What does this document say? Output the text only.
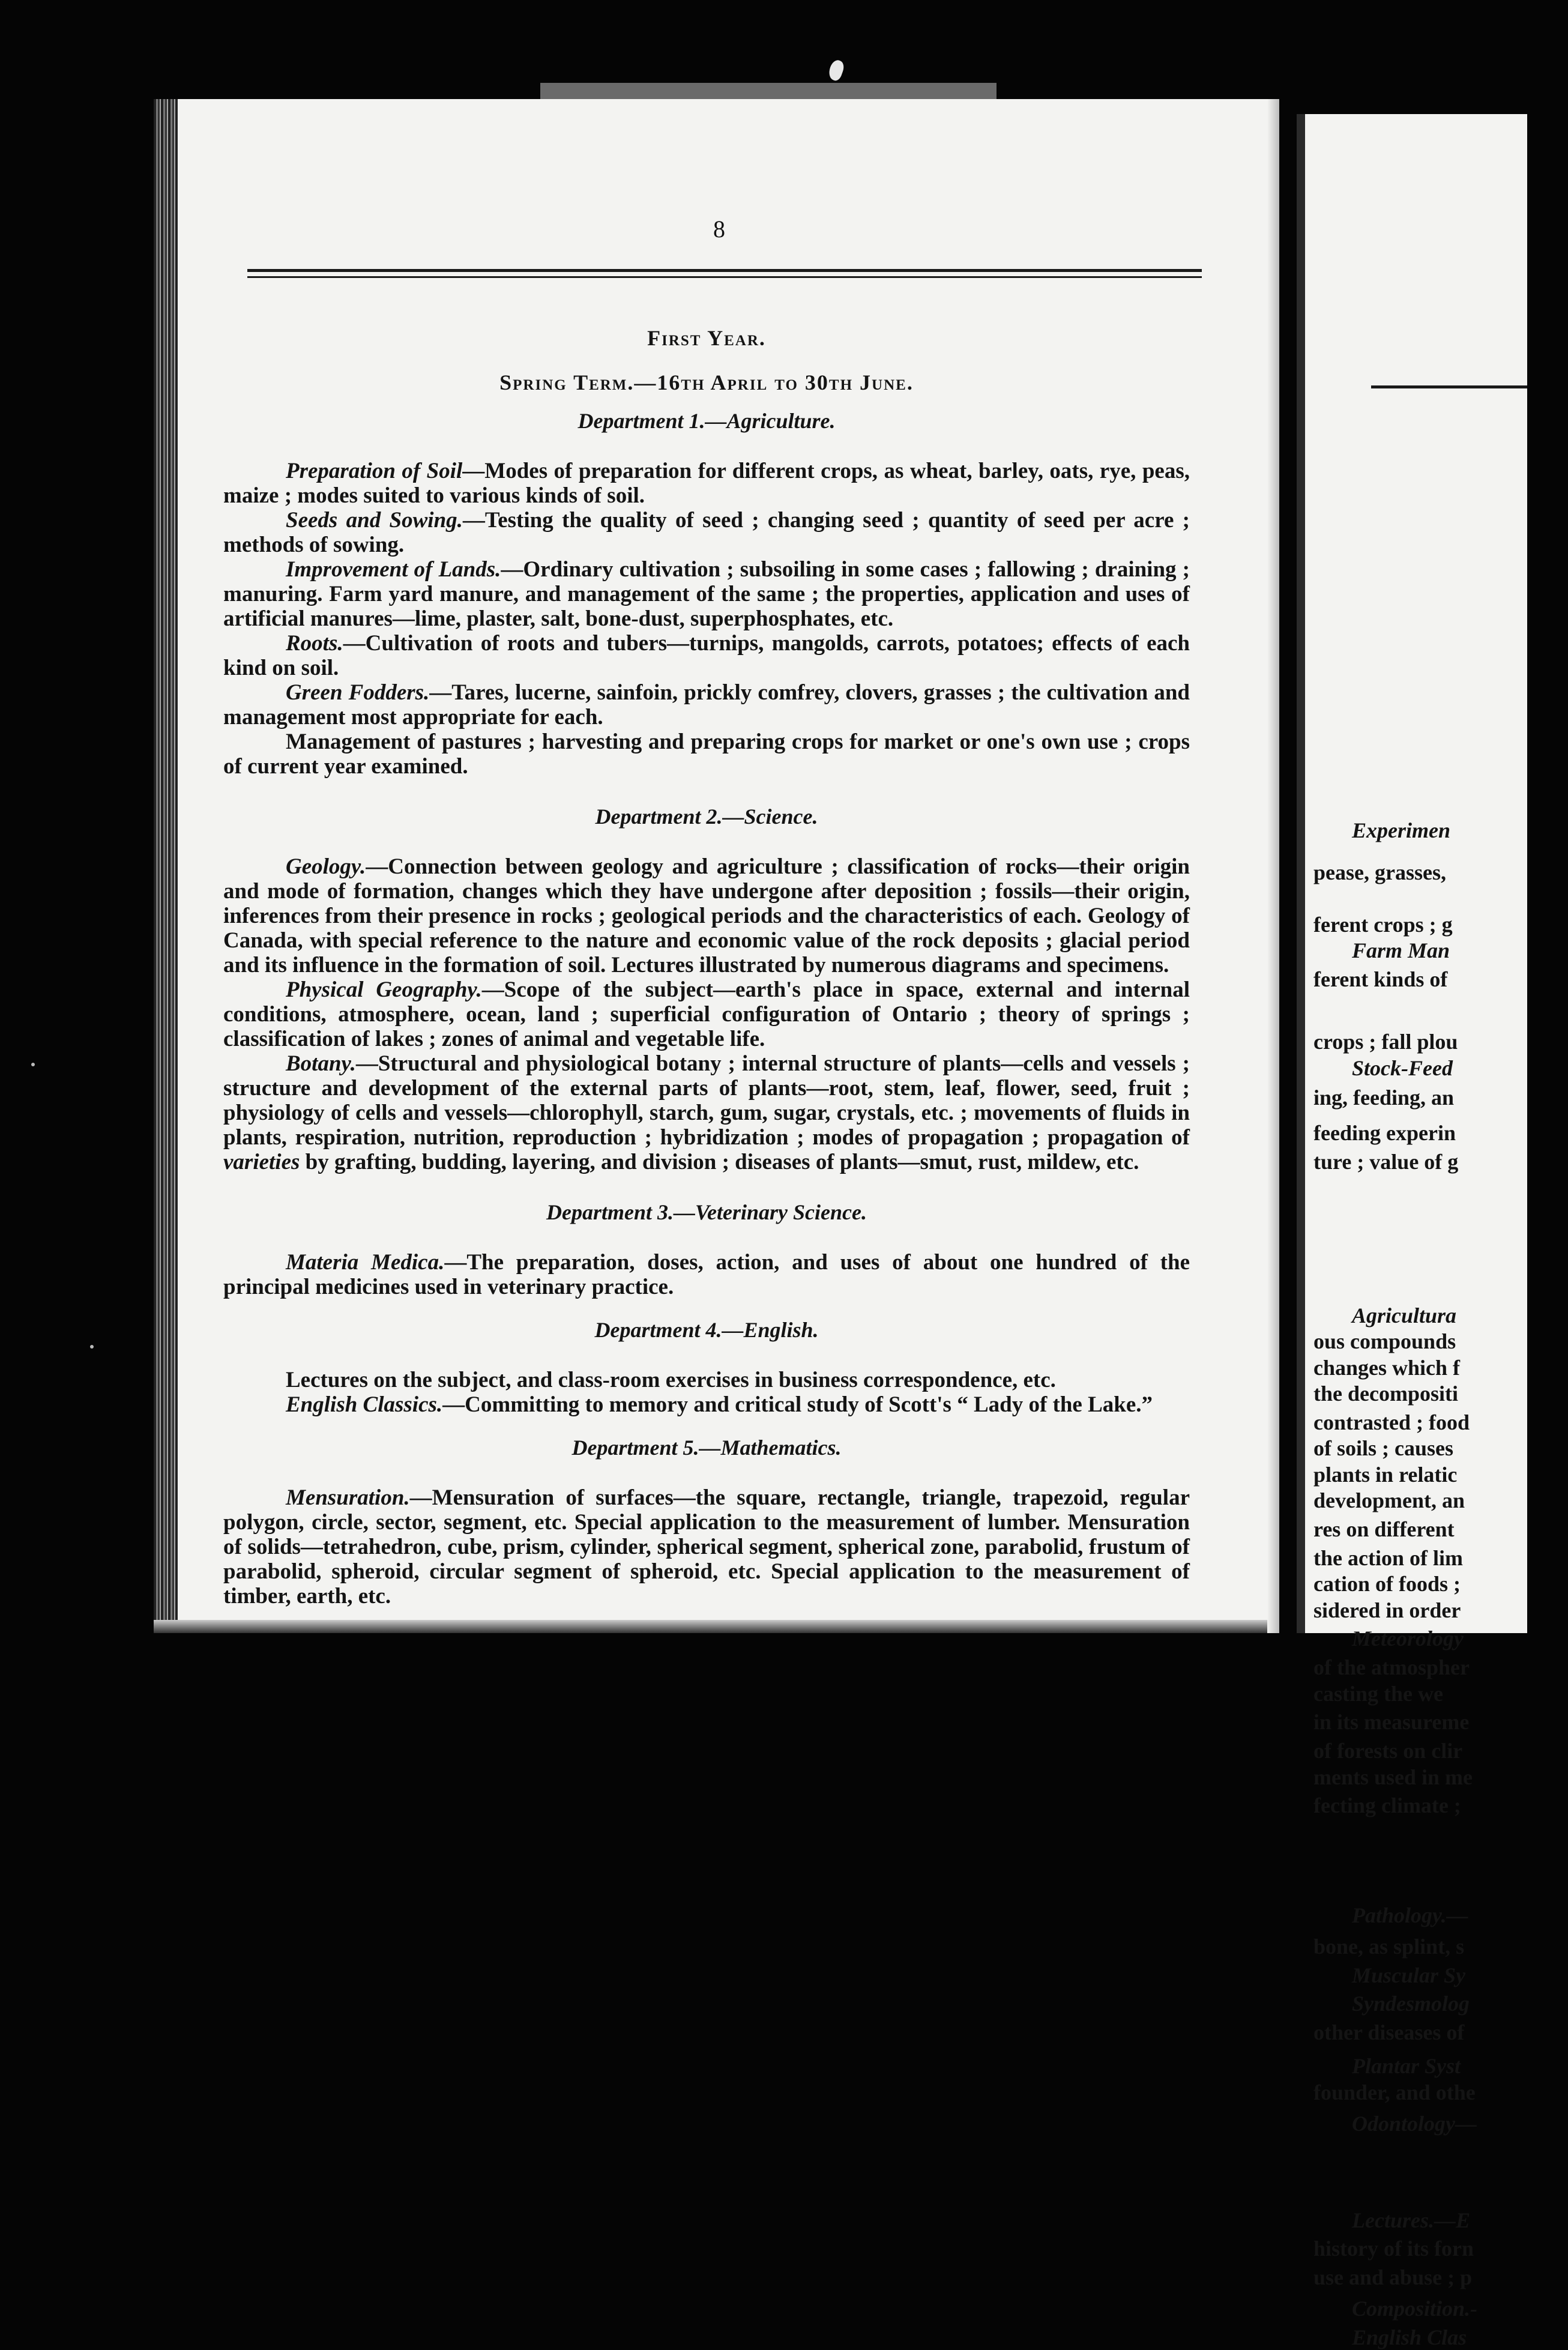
8
First Year.
Spring Term.—16th April to 30th June.
Department 1.—Agriculture.

Preparation of Soil—Modes of preparation for different crops, as wheat, barley, oats, rye, peas, maize ; modes suited to various kinds of soil.

Seeds and Sowing.—Testing the quality of seed ; changing seed ; quantity of seed per acre ; methods of sowing.

Improvement of Lands.—Ordinary cultivation ; subsoiling in some cases ; fallowing ; draining ; manuring. Farm yard manure, and management of the same ; the properties, application and uses of artificial manures—lime, plaster, salt, bone-dust, superphosphates, etc.

Roots.—Cultivation of roots and tubers—turnips, mangolds, carrots, potatoes; effects of each kind on soil.

Green Fodders.—Tares, lucerne, sainfoin, prickly comfrey, clovers, grasses ; the cultivation and management most appropriate for each.

Management of pastures ; harvesting and preparing crops for market or one's own use ; crops of current year examined.

Department 2.—Science.

Geology.—Connection between geology and agriculture ; classification of rocks—their origin and mode of formation, changes which they have undergone after deposition ; fossils—their origin, inferences from their presence in rocks ; geological periods and the characteristics of each. Geology of Canada, with special reference to the nature and economic value of the rock deposits ; glacial period and its influence in the formation of soil. Lectures illustrated by numerous diagrams and specimens.

Physical Geography.—Scope of the subject—earth's place in space, external and internal conditions, atmosphere, ocean, land ; superficial configuration of Ontario ; theory of springs ; classification of lakes ; zones of animal and vegetable life.

Botany.—Structural and physiological botany ; internal structure of plants—cells and vessels ; structure and development of the external parts of plants—root, stem, leaf, flower, seed, fruit ; physiology of cells and vessels—chlorophyll, starch, gum, sugar, crystals, etc. ; movements of fluids in plants, respiration, nutrition, reproduction ; hybridization ; modes of propagation ; propagation of varieties by grafting, budding, layering, and division ; diseases of plants—smut, rust, mildew, etc.

Department 3.—Veterinary Science.

Materia Medica.—The preparation, doses, action, and uses of about one hundred of the principal medicines used in veterinary practice.

Department 4.—English.

Lectures on the subject, and class-room exercises in business correspondence, etc.

English Classics.—Committing to memory and critical study of Scott's “ Lady of the Lake.”

Department 5.—Mathematics.

Mensuration.—Mensuration of surfaces—the square, rectangle, triangle, trapezoid, regular polygon, circle, sector, segment, etc. Special application to the measurement of lumber. Mensuration of solids—tetrahedron, cube, prism, cylinder, spherical segment, spherical zone, parabolid, frustum of parabolid, spheroid, circular segment of spheroid, etc. Special application to the measurement of timber, earth, etc.

Experimen
pease, grasses,
ferent crops ; g
Farm Man
ferent kinds of
crops ; fall plou
Stock-Feed
ing, feeding, an
feeding experin
ture ; value of g
Agricultura
ous compounds
changes which f
the decompositi
contrasted ; food
of soils ; causes
plants in relatic
development, an
res on different
the action of lim
cation of foods ;
sidered in order
Meteorology
of the atmospher
casting the we
in its measureme
of forests on clir
ments used in me
fecting climate ;
Pathology.—
bone, as splint, s
Muscular Sy
Syndesmolog
other diseases of
Plantar Syst
founder, and othe
Odontology—
Lectures.—E
history of its forn
use and abuse ; p
Composition.-
English Clas
